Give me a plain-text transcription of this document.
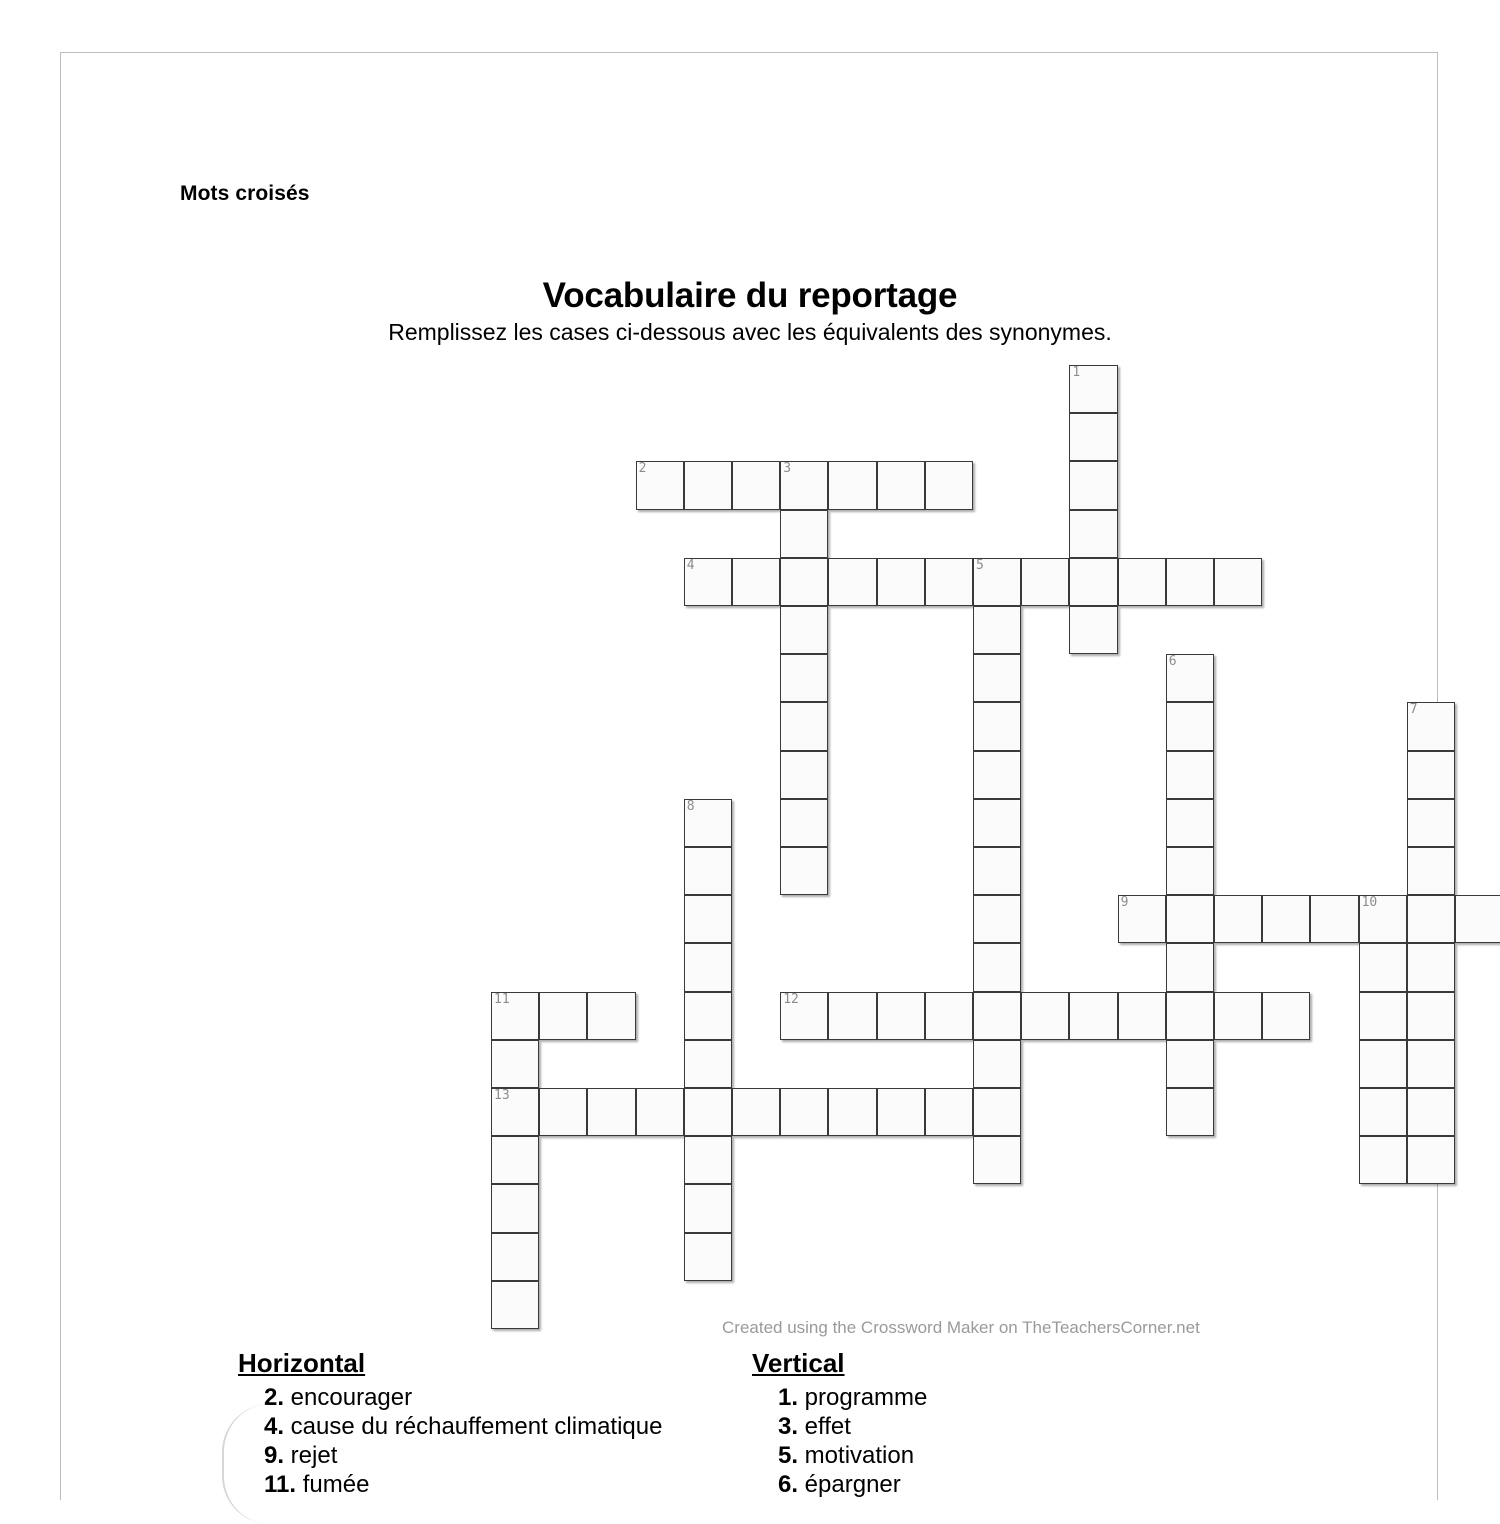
Mots croisés
Vocabulaire du reportage
Remplissez les cases ci-dessous avec les équivalents des synonymes.
1
2	3
4	5
6
7
8
9	10
11	12
13
Created using the Crossword Maker on TheTeachersCorner.net
Horizontal
2. encourager
4. cause du réchauffement climatique
9. rejet
11. fumée
Vertical
1. programme
3. effet
5. motivation
6. épargner
